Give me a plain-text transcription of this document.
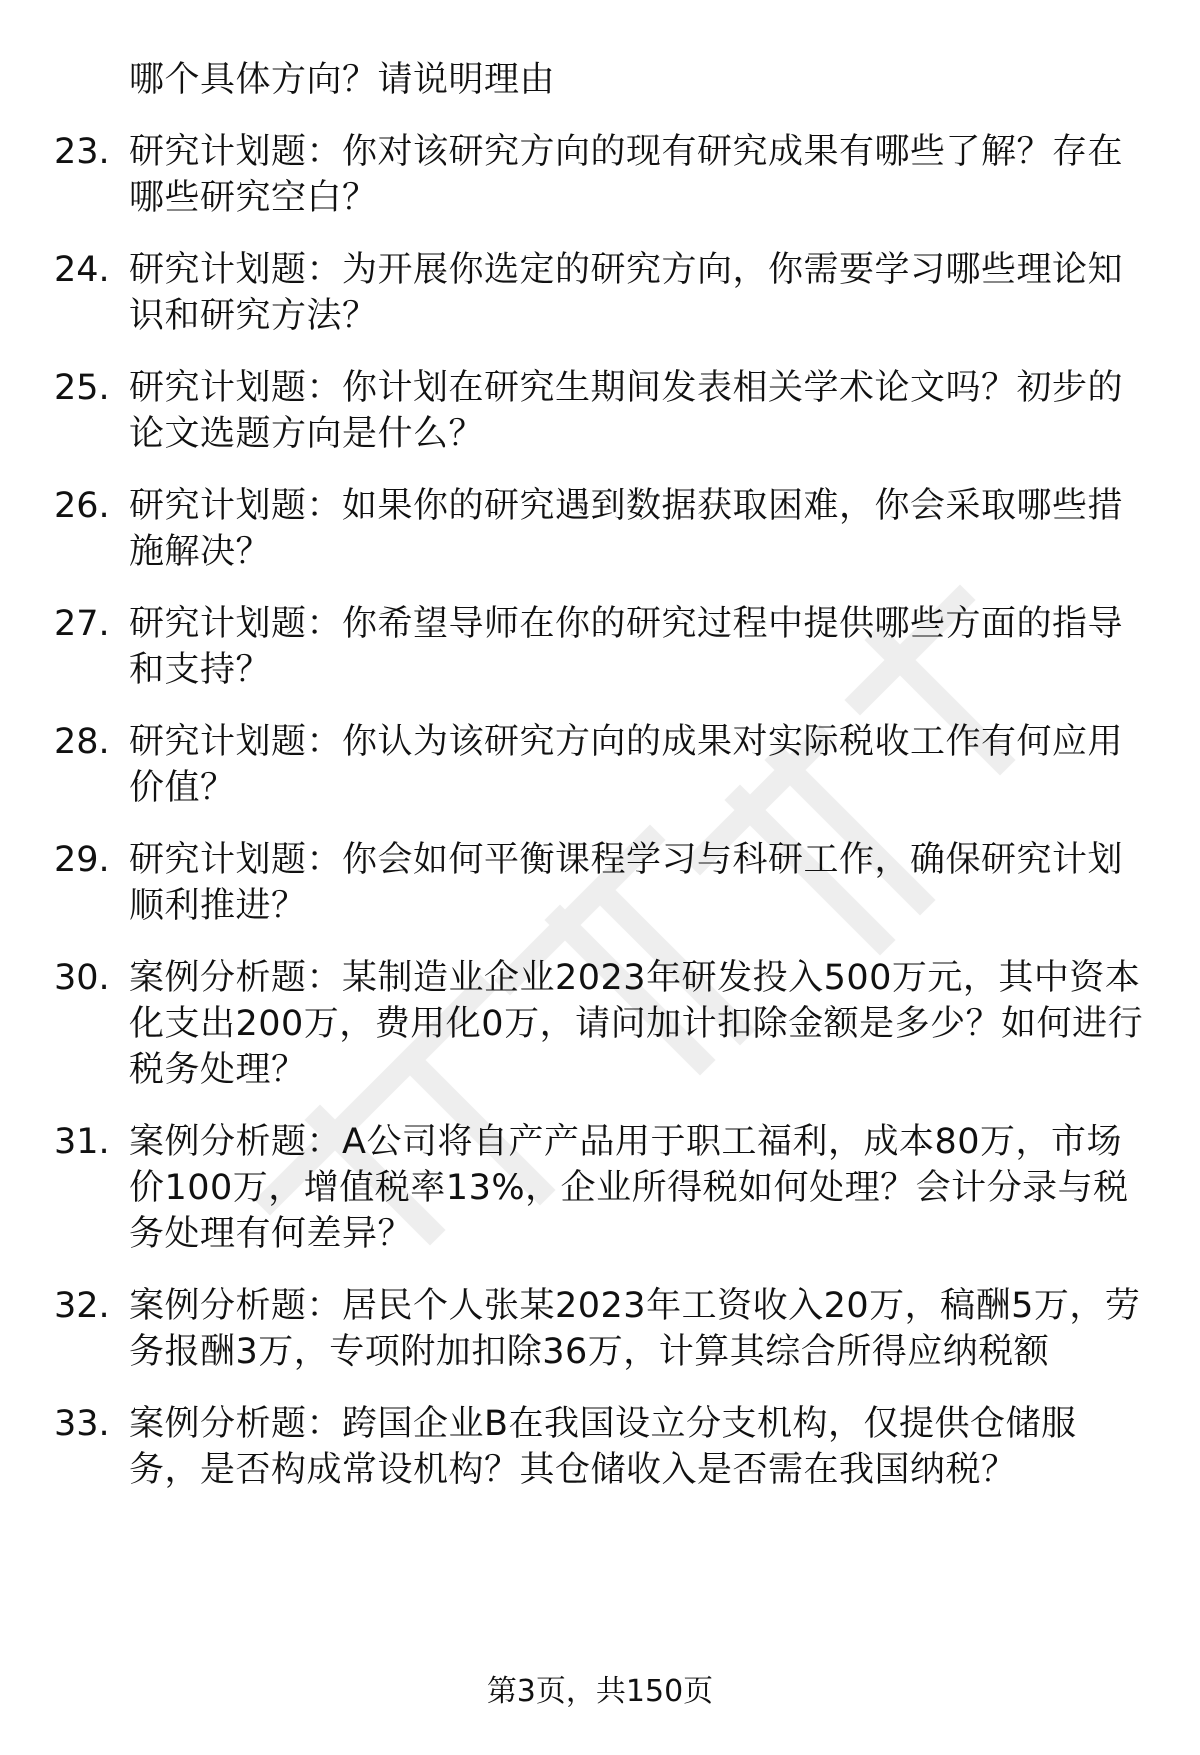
哪个具体方向？请说明理由
23. 研究计划题：你对该研究方向的现有研究成果有哪些了解？存在
哪些研究空白？
24. 研究计划题：为开展你选定的研究方向，你需要学习哪些理论知
识和研究方法？
25. 研究计划题：你计划在研究生期间发表相关学术论文吗？初步的
论文选题方向是什么？
26. 研究计划题：如果你的研究遇到数据获取困难，你会采取哪些措
施解决？
27. 研究计划题：你希望导师在你的研究过程中提供哪些方面的指导
和支持？
28. 研究计划题：你认为该研究方向的成果对实际税收工作有何应用
价值？
29. 研究计划题：你会如何平衡课程学习与科研工作，确保研究计划
顺利推进？
30. 案例分析题：某制造业企业2023年研发投入500万元，其中资本
化支出200万，费用化0万，请问加计扣除金额是多少？如何进行
税务处理？
31. 案例分析题：A公司将自产产品用于职工福利，成本80万，市场
价100万，增值税率13%，企业所得税如何处理？会计分录与税
务处理有何差异？
32. 案例分析题：居民个人张某2023年工资收入20万，稿酬5万，劳
务报酬3万，专项附加扣除36万，计算其综合所得应纳税额
33. 案例分析题：跨国企业B在我国设立分支机构，仅提供仓储服
务，是否构成常设机构？其仓储收入是否需在我国纳税？
第3页，共150页
